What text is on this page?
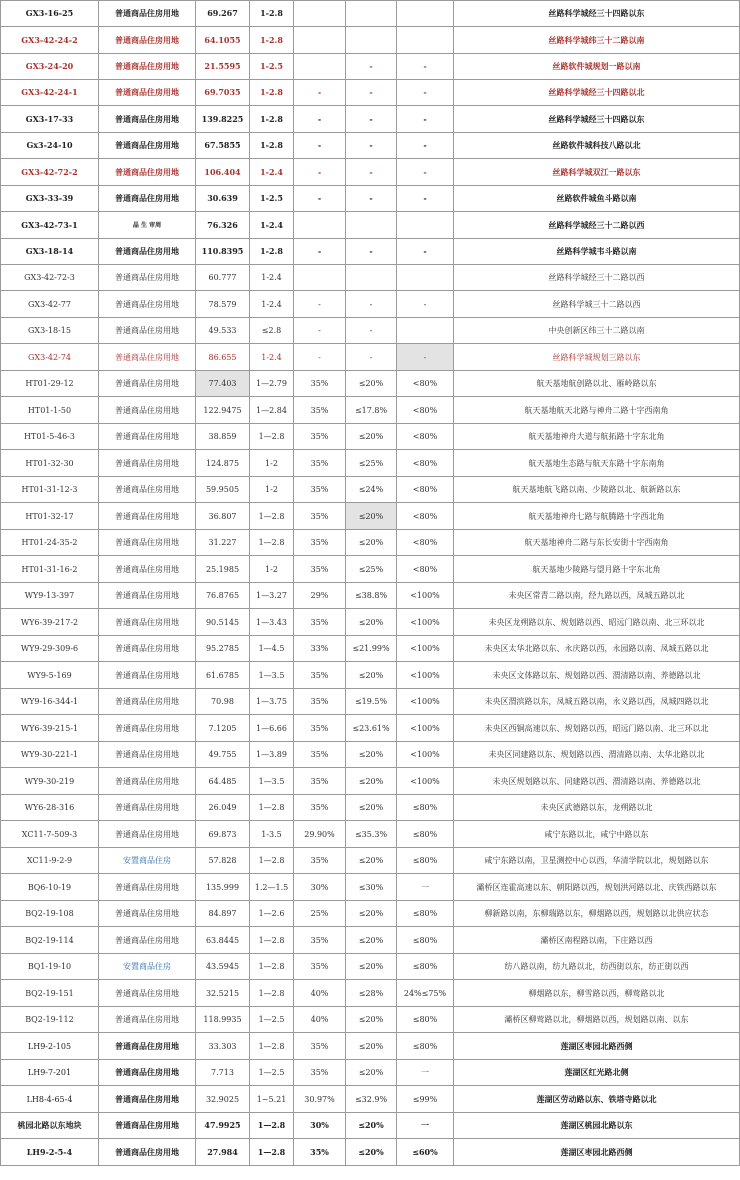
GX3-16-25	普通商品住房用地	69.267	1-2.8				丝路科学城经三十四路以东
GX3-42-24-2	普通商品住房用地	64.1055	1-2.8				丝路科学城纬三十二路以南
GX3-24-20	普通商品住房用地	21.5595	1-2.5		-	-	丝路软件城规划一路以南
GX3-42-24-1	普通商品住房用地	69.7035	1-2.8	-	-	-	丝路科学城经三十四路以北
GX3-17-33	普通商品住房用地	139.8225	1-2.8	-	-	-	丝路科学城经三十四路以东
Gx3-24-10	普通商品住房用地	67.5855	1-2.8	-	-	-	丝路软件城科技八路以北
GX3-42-72-2	普通商品住房用地	106.404	1-2.4	-	-	-	丝路科学城双江一路以东
GX3-33-39	普通商品住房用地	30.639	1-2.5	-	-	-	丝路软件城鱼斗路以南
GX3-42-73-1	晶 生 审周	76.326	1-2.4				丝路科学城经三十二路以西
GX3-18-14	普通商品住房用地	110.8395	1-2.8	-	-	-	丝路科学城韦斗路以南
GX3-42-72-3	普通商品住房用地	60.777	1-2.4				丝路科学城经三十二路以西
GX3-42-77	普通商品住房用地	78.579	1-2.4	-	-	-	丝路科学城三十二路以西
GX3-18-15	普通商品住房用地	49.533	≤2.8	-	-		中央创新区纬三十二路以南
GX3-42-74	普通商品住房用地	86.655	1-2.4	-	-	-	丝路科学城规划三路以东
HT01-29-12	普通商品住房用地	77.403	1—2.79	35%	≤20%	<80%	航天基地航创路以北、雁岭路以东
HT01-1-50	普通商品住房用地	122.9475	1—2.84	35%	≤17.8%	<80%	航天基地航天北路与神舟二路十字西南角
HT01-5-46-3	普通商品住房用地	38.859	1—2.8	35%	≤20%	<80%	航天基地神舟大道与航拓路十字东北角
HT01-32-30	普通商品住房用地	124.875	1-2	35%	≤25%	<80%	航天基地生态路与航天东路十字东南角
HT01-31-12-3	普通商品住房用地	59.9505	1-2	35%	≤24%	<80%	航天基地航飞路以南、少陵路以北、航新路以东
HT01-32-17	普通商品住房用地	36.807	1—2.8	35%	≤20%	<80%	航天基地神舟七路与航腾路十字西北角
HT01-24-35-2	普通商品住房用地	31.227	1—2.8	35%	≤20%	<80%	航天基地神舟二路与东长安街十字西南角
HT01-31-16-2	普通商品住房用地	25.1985	1-2	35%	≤25%	<80%	航天基地少陵路与望月路十字东北角
WY9-13-397	普通商品住房用地	76.8765	1—3.27	29%	≤38.8%	<100%	未央区常青二路以南，经九路以西，凤城五路以北
WY6-39-217-2	普通商品住房用地	90.5145	1—3.43	35%	≤20%	<100%	未央区龙朔路以东、规划路以西、昭远门路以南、北三环以北
WY9-29-309-6	普通商品住房用地	95.2785	1—4.5	33%	≤21.99%	<100%	未央区太华北路以东、永庆路以西，永园路以南、凤城五路以北
WY9-5-169	普通商品住房用地	61.6785	1—3.5	35%	≤20%	<100%	未央区文体路以东、规划路以西、渭清路以南、养德路以北
WY9-16-344-1	普通商品住房用地	70.98	1—3.75	35%	≤19.5%	<100%	未央区渭滨路以东，凤城五路以南，永义路以西，凤城四路以北
WY6-39-215-1	普通商品住房用地	7.1205	1—6.66	35%	≤23.61%	<100%	未央区西铜高速以东、规划路以西，昭远门路以南、北三环以北
WY9-30-221-1	普通商品住房用地	49.755	1—3.89	35%	≤20%	<100%	未央区同建路以东、规划路以西、渭清路以南、太华北路以北
WY9-30-219	普通商品住房用地	64.485	1—3.5	35%	≤20%	<100%	未央区规划路以东、同建路以西、渭清路以南、养德路以北
WY6-28-316	普通商品住房用地	26.049	1—2.8	35%	≤20%	≤80%	未央区武德路以东，龙朔路以北
XC11-7-509-3	普通商品住房用地	69.873	1-3.5	29.90%	≤35.3%	≤80%	咸宁东路以北，咸宁中路以东
XC11-9-2-9	安置商品住房	57.828	1—2.8	35%	≤20%	≤80%	咸宁东路以南，卫星测控中心以西，华清学院以北，规划路以东
BQ6-10-19	普通商品住房用地	135.999	1.2—1.5	30%	≤30%	一	灞桥区连霍高速以东、朝阳路以西，规划洪河路以北、庆铁西路以东
BQ2-19-108	普通商品住房用地	84.897	1—2.6	25%	≤20%	≤80%	柳新路以南，东柳瑞路以东，柳烟路以西，规划路以北供应状态
BQ2-19-114	普通商品住房用地	63.8445	1—2.8	35%	≤20%	≤80%	灞桥区南程路以南，下庄路以西
BQ1-19-10	安置商品住房	43.5945	1—2.8	35%	≤20%	≤80%	纺八路以南，纺九路以北，纺西街以东，纺正街以西
BQ2-19-151	普通商品住房用地	32.5215	1—2.8	40%	≤28%	24%≤75%	柳烟路以东，柳雪路以西，柳莺路以北
BQ2-19-112	普通商品住房用地	118.9935	1—2.5	40%	≤20%	≤80%	灞桥区柳莺路以北，柳烟路以西，规划路以南、以东
LH9-2-105	普通商品住房用地	33.303	1—2.8	35%	≤20%	≤80%	莲湖区枣园北路西侧
LH9-7-201	普通商品住房用地	7.713	1—2.5	35%	≤20%	一	莲湖区红光路北侧
LH8-4-65-4	普通商品住房用地	32.9025	1~5.21	30.97%	≤32.9%	≤99%	莲湖区劳动路以东、铁塔寺路以北
桃园北路以东地块	普通商品住房用地	47.9925	1—2.8	30%	≤20%	一	莲湖区桃园北路以东
LH9-2-5-4	普通商品住房用地	27.984	1—2.8	35%	≤20%	≤60%	莲湖区枣园北路西侧
